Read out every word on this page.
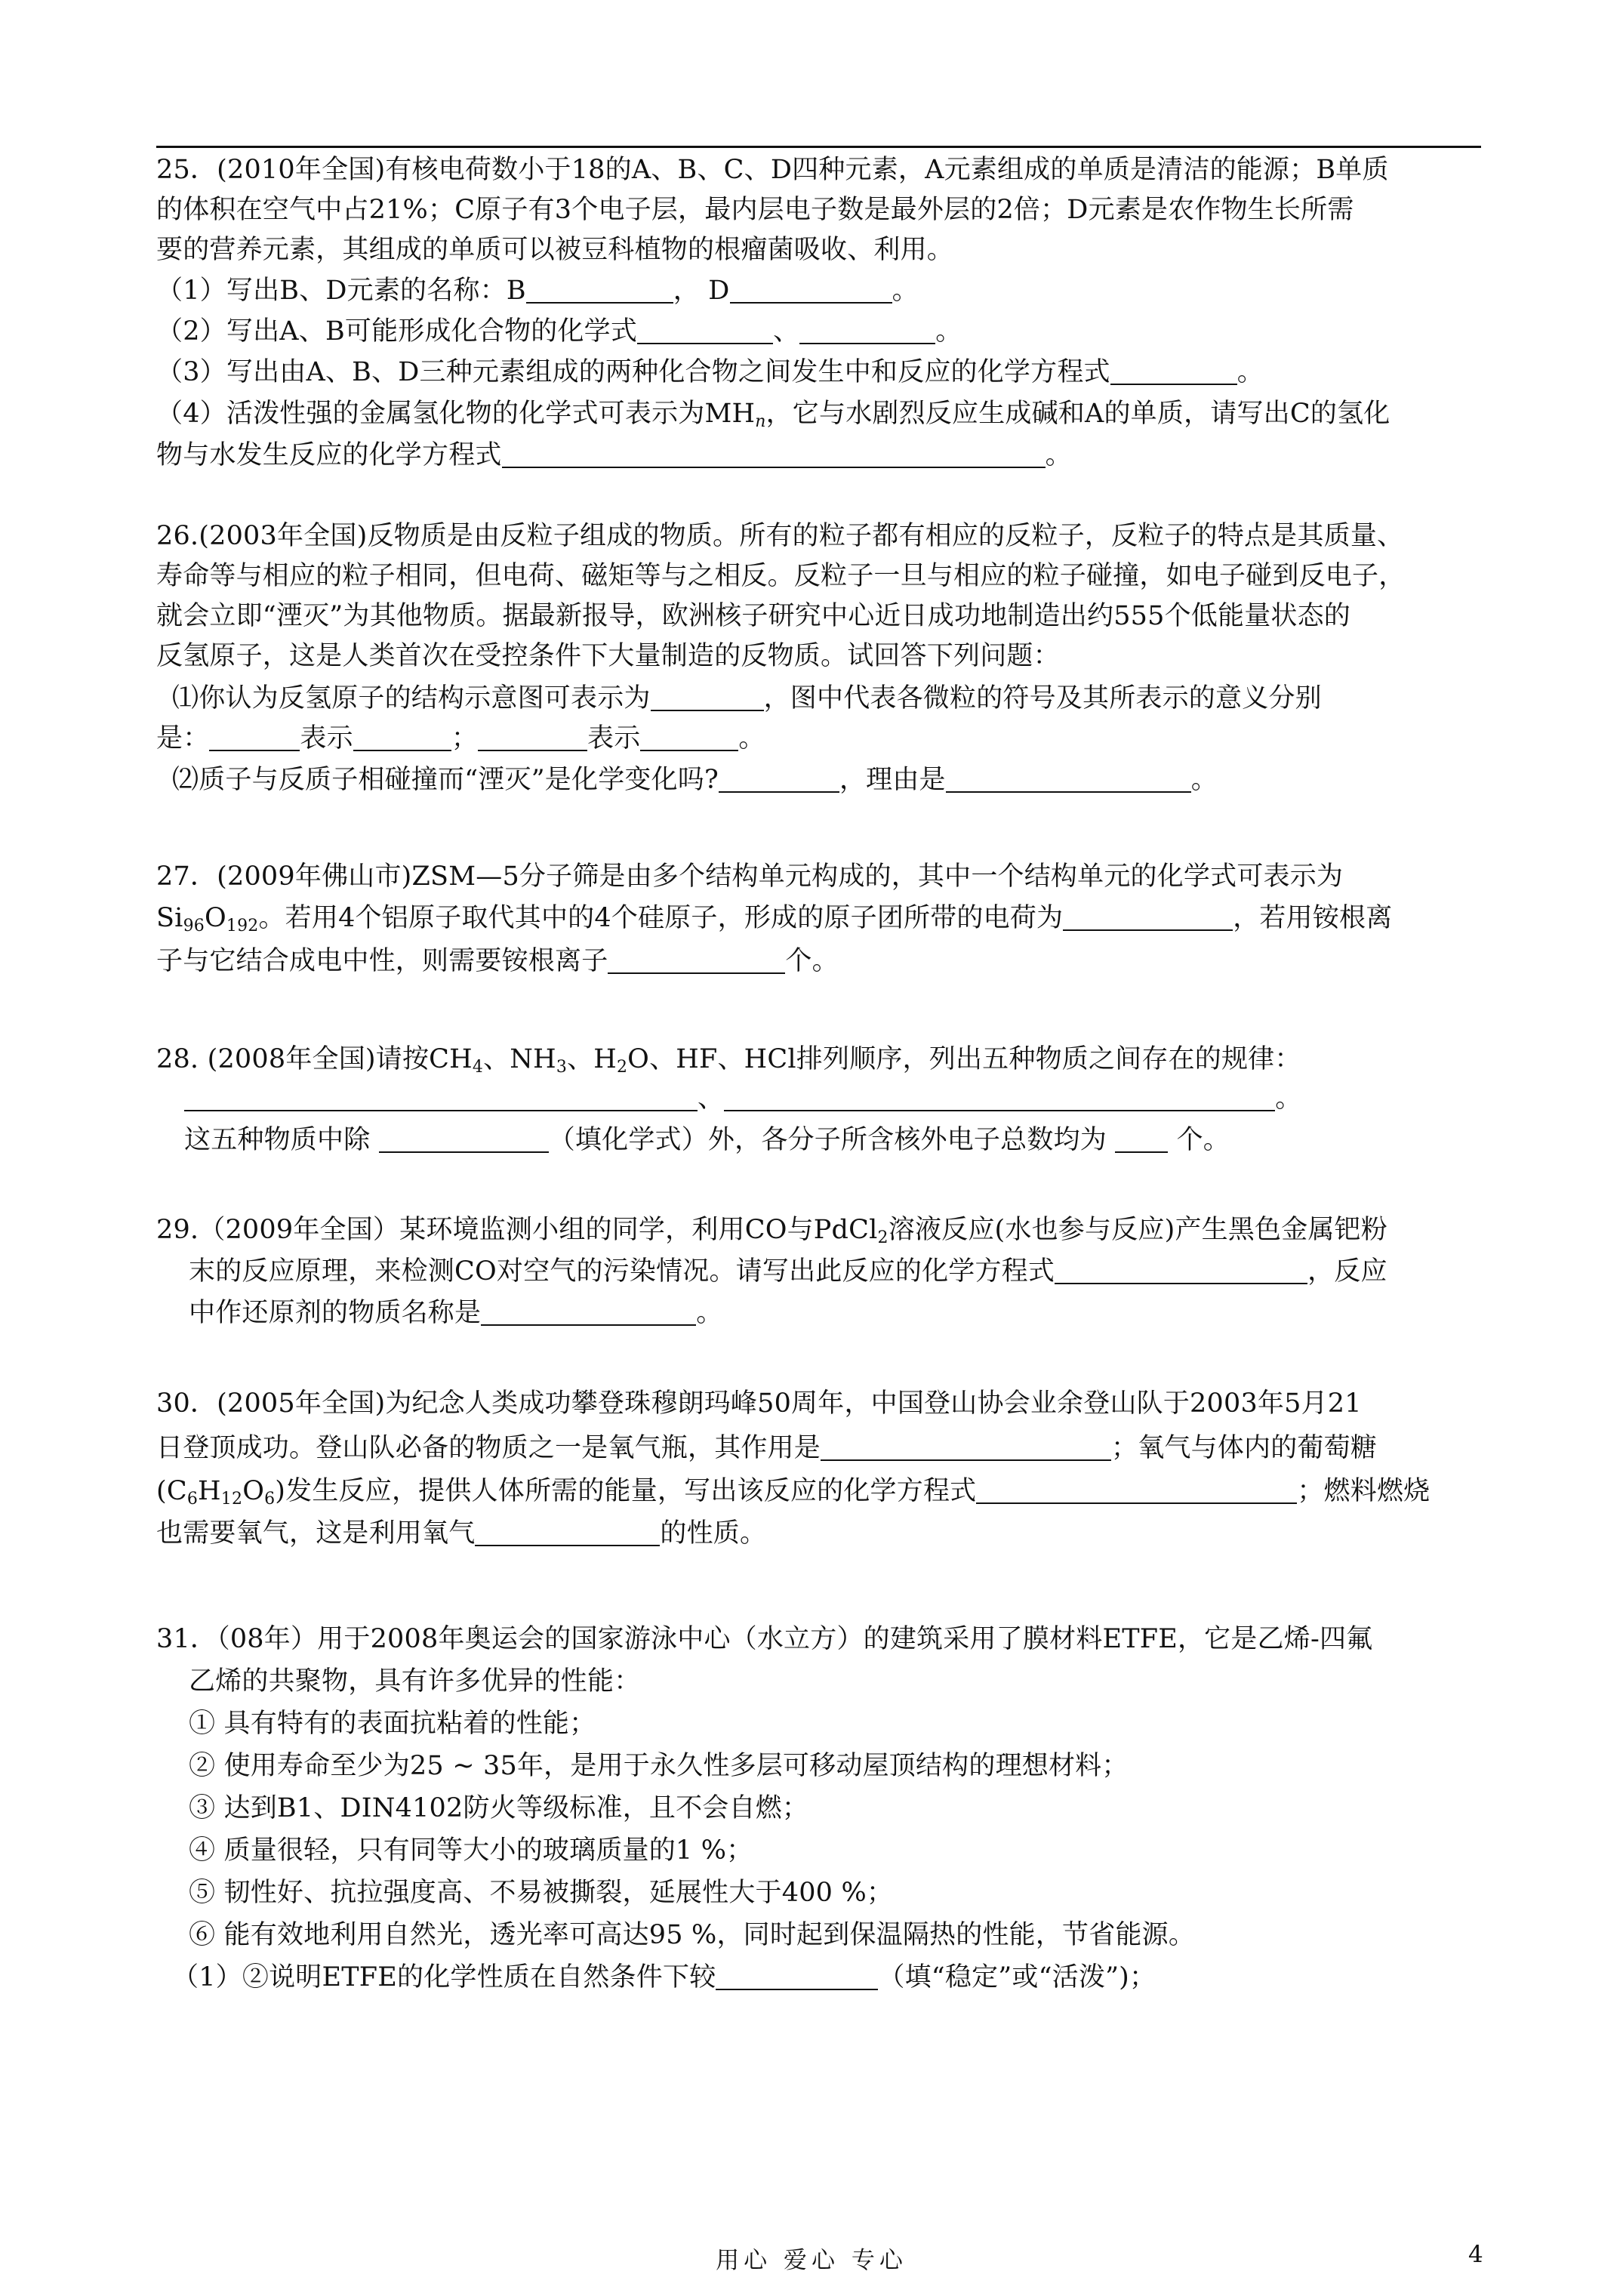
25．(2010年全国)有核电荷数小于18的A、B、C、D四种元素，A元素组成的单质是清洁的能源；B单质
的体积在空气中占21%；C原子有3个电子层，最内层电子数是最外层的2倍；D元素是农作物生长所需
要的营养元素，其组成的单质可以被豆科植物的根瘤菌吸收、利用。
（1）写出B、D元素的名称：B	， D	。
（2）写出A、B可能形成化合物的化学式	、	。
（3）写出由A、B、D三种元素组成的两种化合物之间发生中和反应的化学方程式	。
（4）活泼性强的金属氢化物的化学式可表示为$MH_n$，它与水剧烈反应生成碱和A的单质，请写出C的氢化
物与水发生反应的化学方程式	。
26.(2003年全国)反物质是由反粒子组成的物质。所有的粒子都有相应的反粒子，反粒子的特点是其质量、
寿命等与相应的粒子相同，但电荷、磁矩等与之相反。反粒子一旦与相应的粒子碰撞，如电子碰到反电子，
就会立即“湮灭”为其他物质。据最新报导，欧洲核子研究中心近日成功地制造出约555个低能量状态的
反氢原子，这是人类首次在受控条件下大量制造的反物质。试回答下列问题：
⑴你认为反氢原子的结构示意图可表示为	，图中代表各微粒的符号及其所表示的意义分别
是：	表示	；	表示	。
⑵质子与反质子相碰撞而“湮灭”是化学变化吗?	，理由是	。
27．(2009年佛山市)ZSM—5分子筛是由多个结构单元构成的，其中一个结构单元的化学式可表示为
$Si_{96}O_{192}$。若用4个铝原子取代其中的4个硅原子，形成的原子团所带的电荷为	，若用铵根离
子与它结合成电中性，则需要铵根离子	个。
28. (2008年全国)请按$CH_4$、$NH_3$、$H_2O$、HF、HCl排列顺序，列出五种物质之间存在的规律：
、	。
这五种物质中除	（填化学式）外，各分子所含核外电子总数均为  个。
29.（2009年全国）某环境监测小组的同学，利用CO与PdCl$_2$溶液反应(水也参与反应)产生黑色金属钯粉
末的反应原理，来检测CO对空气的污染情况。请写出此反应的化学方程式	，反应
中作还原剂的物质名称是	。
30．(2005年全国)为纪念人类成功攀登珠穆朗玛峰50周年，中国登山协会业余登山队于2003年5月21
日登顶成功。登山队必备的物质之一是氧气瓶，其作用是	；氧气与体内的葡萄糖
$(C_6H_{12}O_6)$发生反应，提供人体所需的能量，写出该反应的化学方程式	；燃料燃烧
也需要氧气，这是利用氧气	的性质。
31．（08年）用于2008年奥运会的国家游泳中心（水立方）的建筑采用了膜材料ETFE，它是乙烯-四氟
乙烯的共聚物，具有许多优异的性能：
① 具有特有的表面抗粘着的性能；
② 使用寿命至少为25 ~ 35年，是用于永久性多层可移动屋顶结构的理想材料；
③ 达到B1、DIN4102防火等级标准，且不会自燃；
④ 质量很轻，只有同等大小的玻璃质量的1 %；
⑤ 韧性好、抗拉强度高、不易被撕裂，延展性大于400 %；
⑥ 能有效地利用自然光，透光率可高达95 %，同时起到保温隔热的性能，节省能源。
（1）②说明ETFE的化学性质在自然条件下较	（填“稳定”或“活泼”)；
用心 爱心 专心	4
